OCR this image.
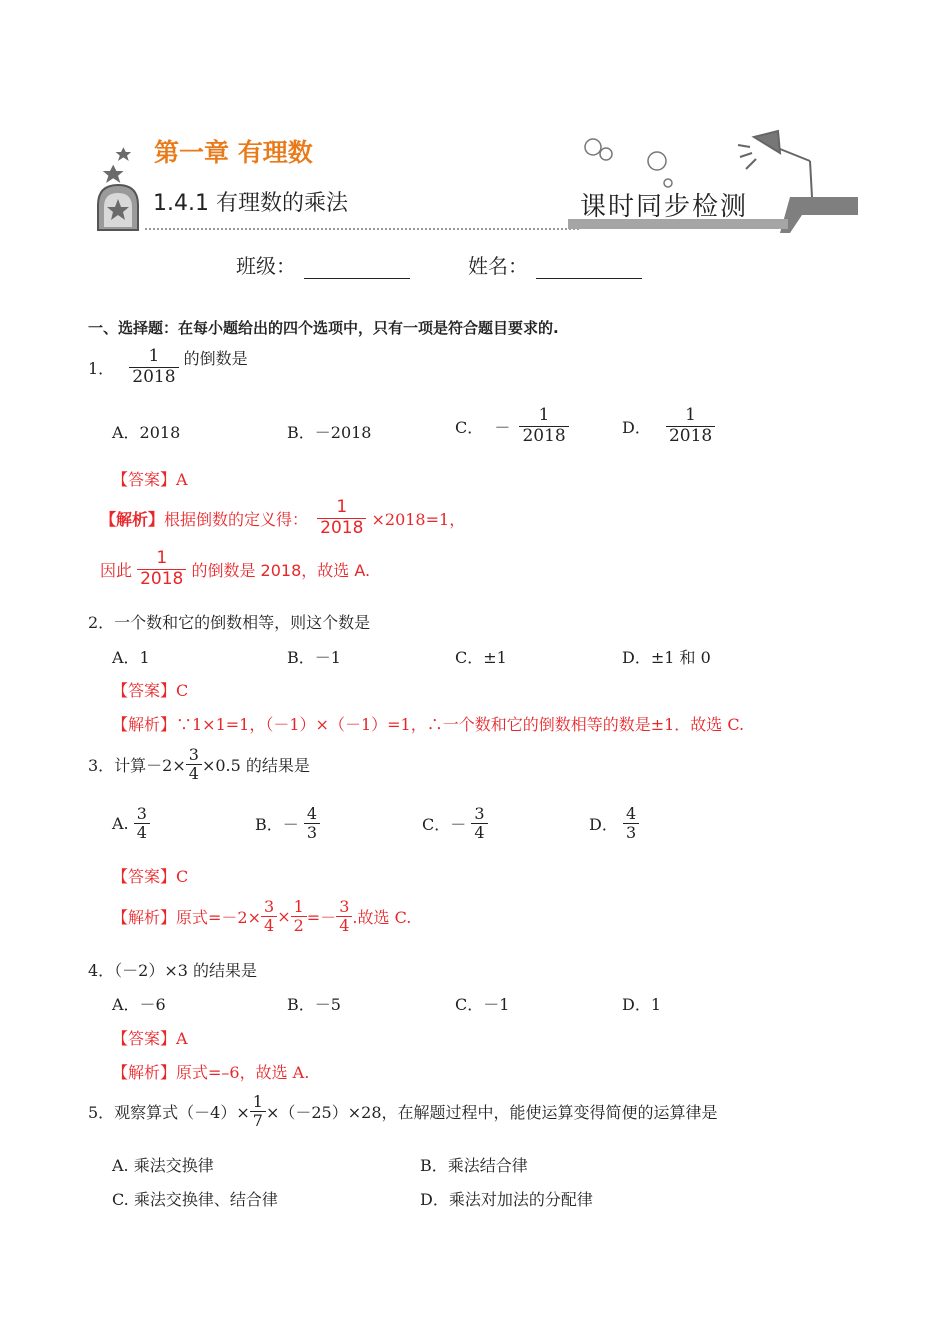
第一章 有理数
1.4.1 有理数的乘法	课时同步检测
班级：	姓名：
一、选择题：在每小题给出的四个选项中，只有一项是符合题目要求的.
1． $\frac{1}{2018}$ 的倒数是
A．2018	B．－2018	C． － $\frac{1}{2018}$	D． $\frac{1}{2018}$
【答案】A
【解析】根据倒数的定义得： $\frac{1}{2018} \times 2018=1$，
因此 $\frac{1}{2018}$ 的倒数是 2018，故选 A.
2．一个数和它的倒数相等，则这个数是
A．1	B．－1	C．±1	D．±1 和 0
【答案】C
【解析】∵1×1=1，（－1）×（－1）=1，∴一个数和它的倒数相等的数是±1．故选 C.
3．计算$-2\times \frac{3}{4} \times 0.5$ 的结果是
A. $\frac{3}{4}$	B．－ $\frac{4}{3}$	C．－ $\frac{3}{4}$	D． $\frac{4}{3}$
【答案】C
【解析】原式$=-2\times \frac{3}{4} \times \frac{1}{2} =- \frac{3}{4}$ .故选 C.
4．（－2）×3 的结果是
A．－6	B．－5	C．－1	D．1
【答案】A
【解析】原式=–6，故选 A.
5．观察算式$(-4)\times \frac{1}{7} \times(-25)\times 28$，在解题过程中，能使运算变得简便的运算律是
A. 乘法交换律	B．乘法结合律
C. 乘法交换律、结合律	D．乘法对加法的分配律
